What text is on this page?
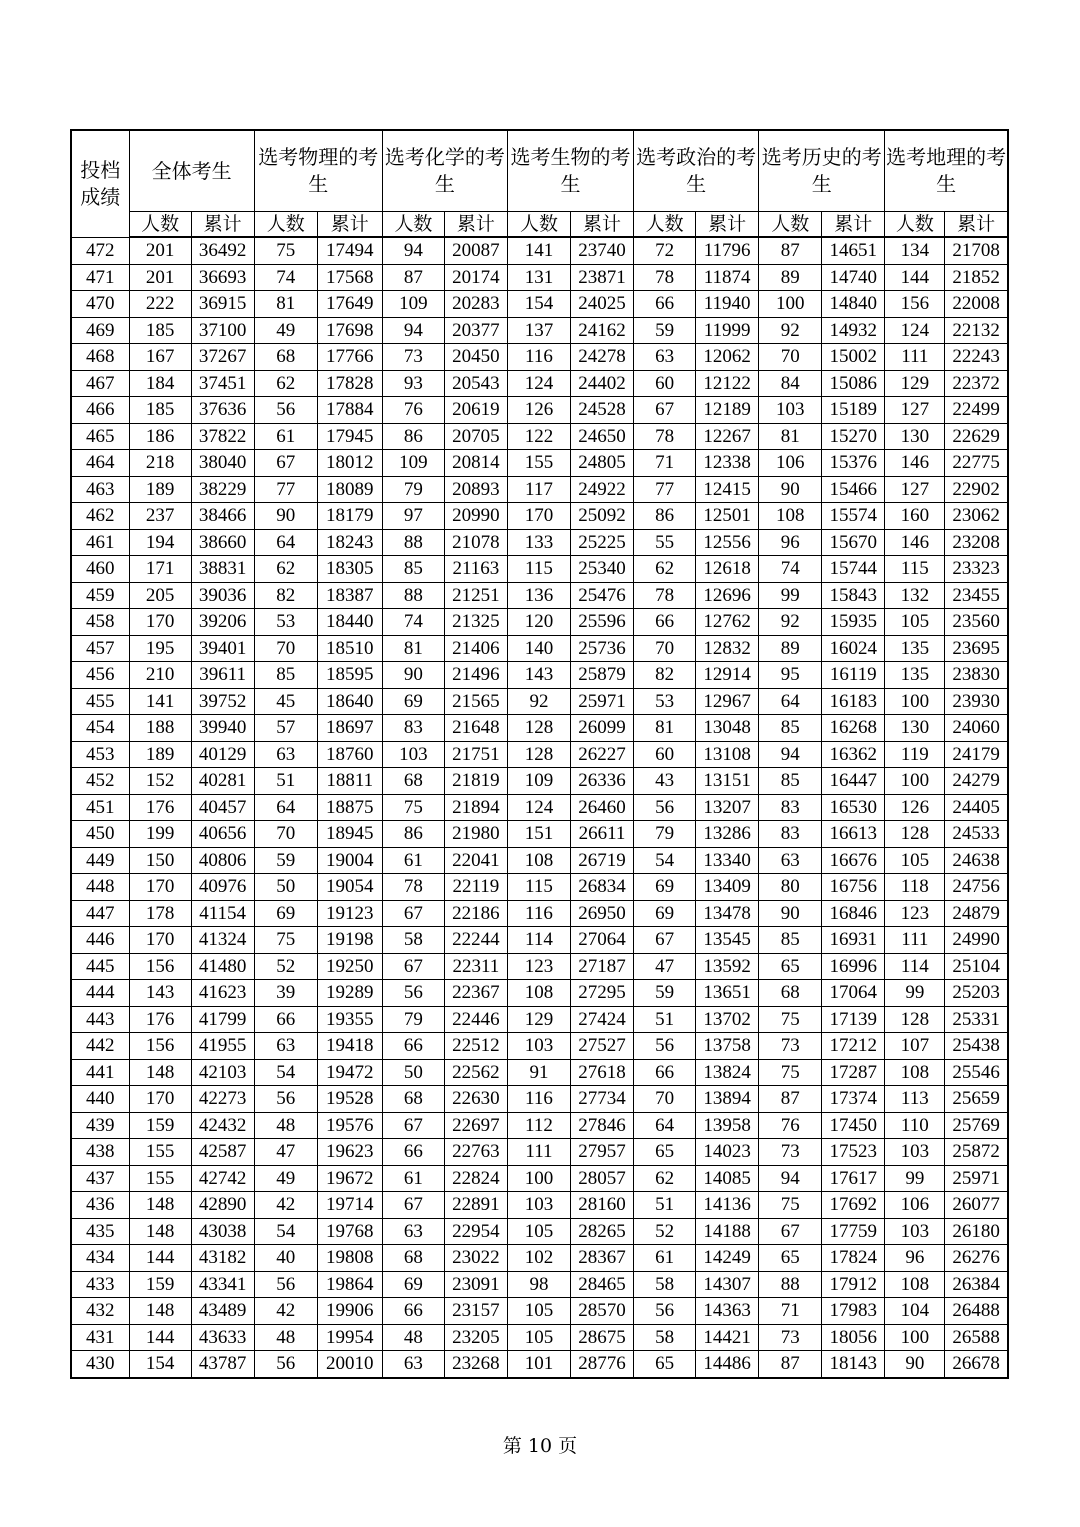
投档成绩	全体考生		选考物理的考生		选考化学的考生		选考生物的考生		选考政治的考生		选考历史的考生		选考地理的考生	
	人数	累计	人数	累计	人数	累计	人数	累计	人数	累计	人数	累计	人数	累计
472	201	36492	75	17494	94	20087	141	23740	72	11796	87	14651	134	21708
471	201	36693	74	17568	87	20174	131	23871	78	11874	89	14740	144	21852
470	222	36915	81	17649	109	20283	154	24025	66	11940	100	14840	156	22008
469	185	37100	49	17698	94	20377	137	24162	59	11999	92	14932	124	22132
468	167	37267	68	17766	73	20450	116	24278	63	12062	70	15002	111	22243
467	184	37451	62	17828	93	20543	124	24402	60	12122	84	15086	129	22372
466	185	37636	56	17884	76	20619	126	24528	67	12189	103	15189	127	22499
465	186	37822	61	17945	86	20705	122	24650	78	12267	81	15270	130	22629
464	218	38040	67	18012	109	20814	155	24805	71	12338	106	15376	146	22775
463	189	38229	77	18089	79	20893	117	24922	77	12415	90	15466	127	22902
462	237	38466	90	18179	97	20990	170	25092	86	12501	108	15574	160	23062
461	194	38660	64	18243	88	21078	133	25225	55	12556	96	15670	146	23208
460	171	38831	62	18305	85	21163	115	25340	62	12618	74	15744	115	23323
459	205	39036	82	18387	88	21251	136	25476	78	12696	99	15843	132	23455
458	170	39206	53	18440	74	21325	120	25596	66	12762	92	15935	105	23560
457	195	39401	70	18510	81	21406	140	25736	70	12832	89	16024	135	23695
456	210	39611	85	18595	90	21496	143	25879	82	12914	95	16119	135	23830
455	141	39752	45	18640	69	21565	92	25971	53	12967	64	16183	100	23930
454	188	39940	57	18697	83	21648	128	26099	81	13048	85	16268	130	24060
453	189	40129	63	18760	103	21751	128	26227	60	13108	94	16362	119	24179
452	152	40281	51	18811	68	21819	109	26336	43	13151	85	16447	100	24279
451	176	40457	64	18875	75	21894	124	26460	56	13207	83	16530	126	24405
450	199	40656	70	18945	86	21980	151	26611	79	13286	83	16613	128	24533
449	150	40806	59	19004	61	22041	108	26719	54	13340	63	16676	105	24638
448	170	40976	50	19054	78	22119	115	26834	69	13409	80	16756	118	24756
447	178	41154	69	19123	67	22186	116	26950	69	13478	90	16846	123	24879
446	170	41324	75	19198	58	22244	114	27064	67	13545	85	16931	111	24990
445	156	41480	52	19250	67	22311	123	27187	47	13592	65	16996	114	25104
444	143	41623	39	19289	56	22367	108	27295	59	13651	68	17064	99	25203
443	176	41799	66	19355	79	22446	129	27424	51	13702	75	17139	128	25331
442	156	41955	63	19418	66	22512	103	27527	56	13758	73	17212	107	25438
441	148	42103	54	19472	50	22562	91	27618	66	13824	75	17287	108	25546
440	170	42273	56	19528	68	22630	116	27734	70	13894	87	17374	113	25659
439	159	42432	48	19576	67	22697	112	27846	64	13958	76	17450	110	25769
438	155	42587	47	19623	66	22763	111	27957	65	14023	73	17523	103	25872
437	155	42742	49	19672	61	22824	100	28057	62	14085	94	17617	99	25971
436	148	42890	42	19714	67	22891	103	28160	51	14136	75	17692	106	26077
435	148	43038	54	19768	63	22954	105	28265	52	14188	67	17759	103	26180
434	144	43182	40	19808	68	23022	102	28367	61	14249	65	17824	96	26276
433	159	43341	56	19864	69	23091	98	28465	58	14307	88	17912	108	26384
432	148	43489	42	19906	66	23157	105	28570	56	14363	71	17983	104	26488
431	144	43633	48	19954	48	23205	105	28675	58	14421	73	18056	100	26588
430	154	43787	56	20010	63	23268	101	28776	65	14486	87	18143	90	26678
第 10 页
